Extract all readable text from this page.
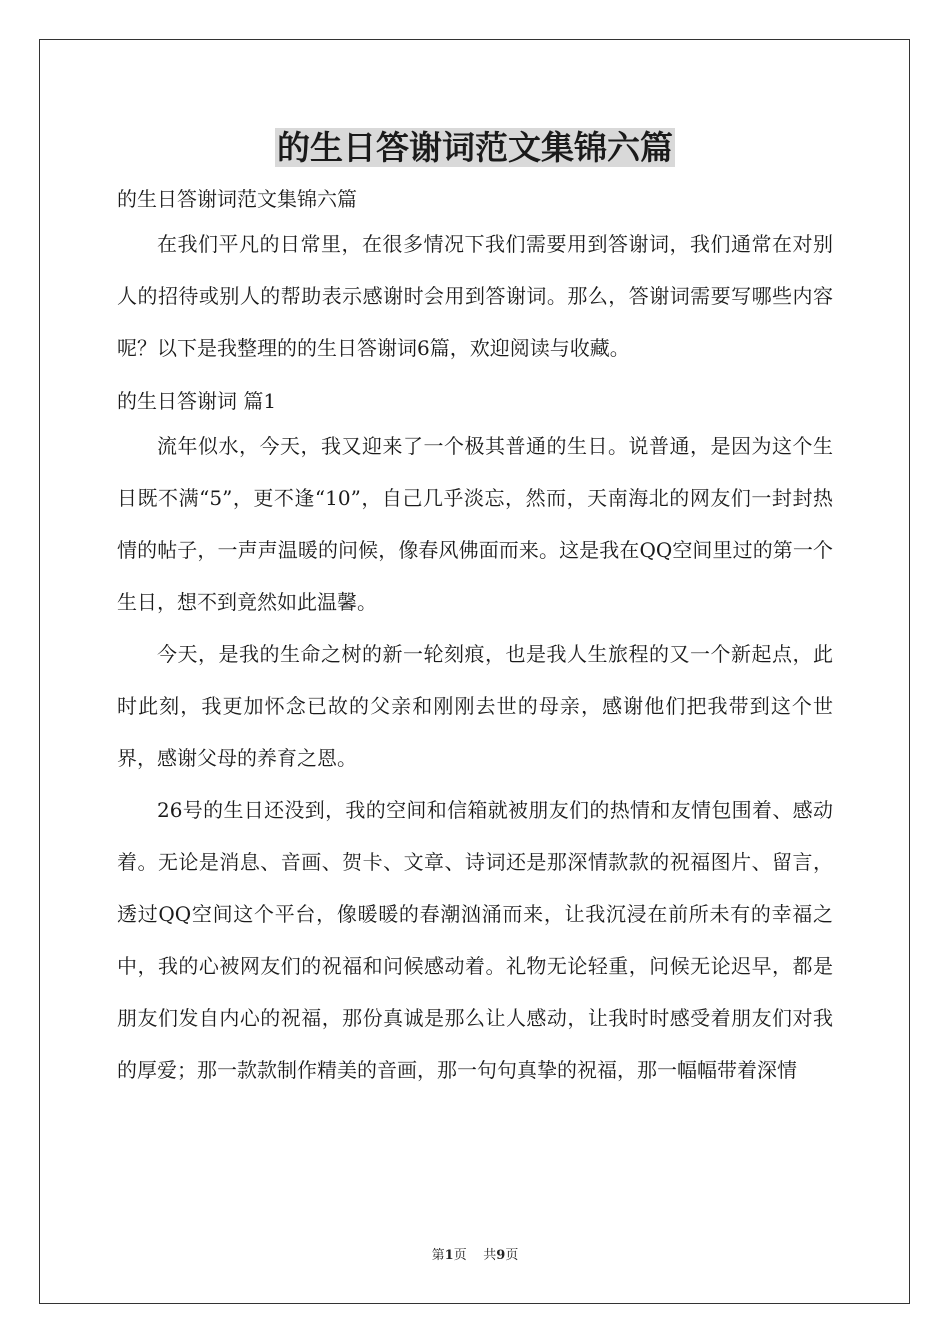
的生日答谢词范文集锦六篇

的生日答谢词范文集锦六篇

在我们平凡的日常里，在很多情况下我们需要用到答谢词，我们通常在对别人的招待或别人的帮助表示感谢时会用到答谢词。那么，答谢词需要写哪些内容呢？以下是我整理的的生日答谢词6篇，欢迎阅读与收藏。

的生日答谢词 篇1

流年似水，今天，我又迎来了一个极其普通的生日。说普通，是因为这个生日既不满“5”，更不逢“10”，自己几乎淡忘，然而，天南海北的网友们一封封热情的帖子，一声声温暖的问候，像春风佛面而来。这是我在QQ空间里过的第一个生日，想不到竟然如此温馨。

今天，是我的生命之树的新一轮刻痕，也是我人生旅程的又一个新起点，此时此刻，我更加怀念已故的父亲和刚刚去世的母亲，感谢他们把我带到这个世界，感谢父母的养育之恩。

26号的生日还没到，我的空间和信箱就被朋友们的热情和友情包围着、感动着。无论是消息、音画、贺卡、文章、诗词还是那深情款款的祝福图片、留言，透过QQ空间这个平台，像暖暖的春潮汹涌而来，让我沉浸在前所未有的幸福之中，我的心被网友们的祝福和问候感动着。礼物无论轻重，问候无论迟早，都是朋友们发自内心的祝福，那份真诚是那么让人感动，让我时时感受着朋友们对我的厚爱；那一款款制作精美的音画，那一句句真挚的祝福，那一幅幅带着深情

第1页 共9页
